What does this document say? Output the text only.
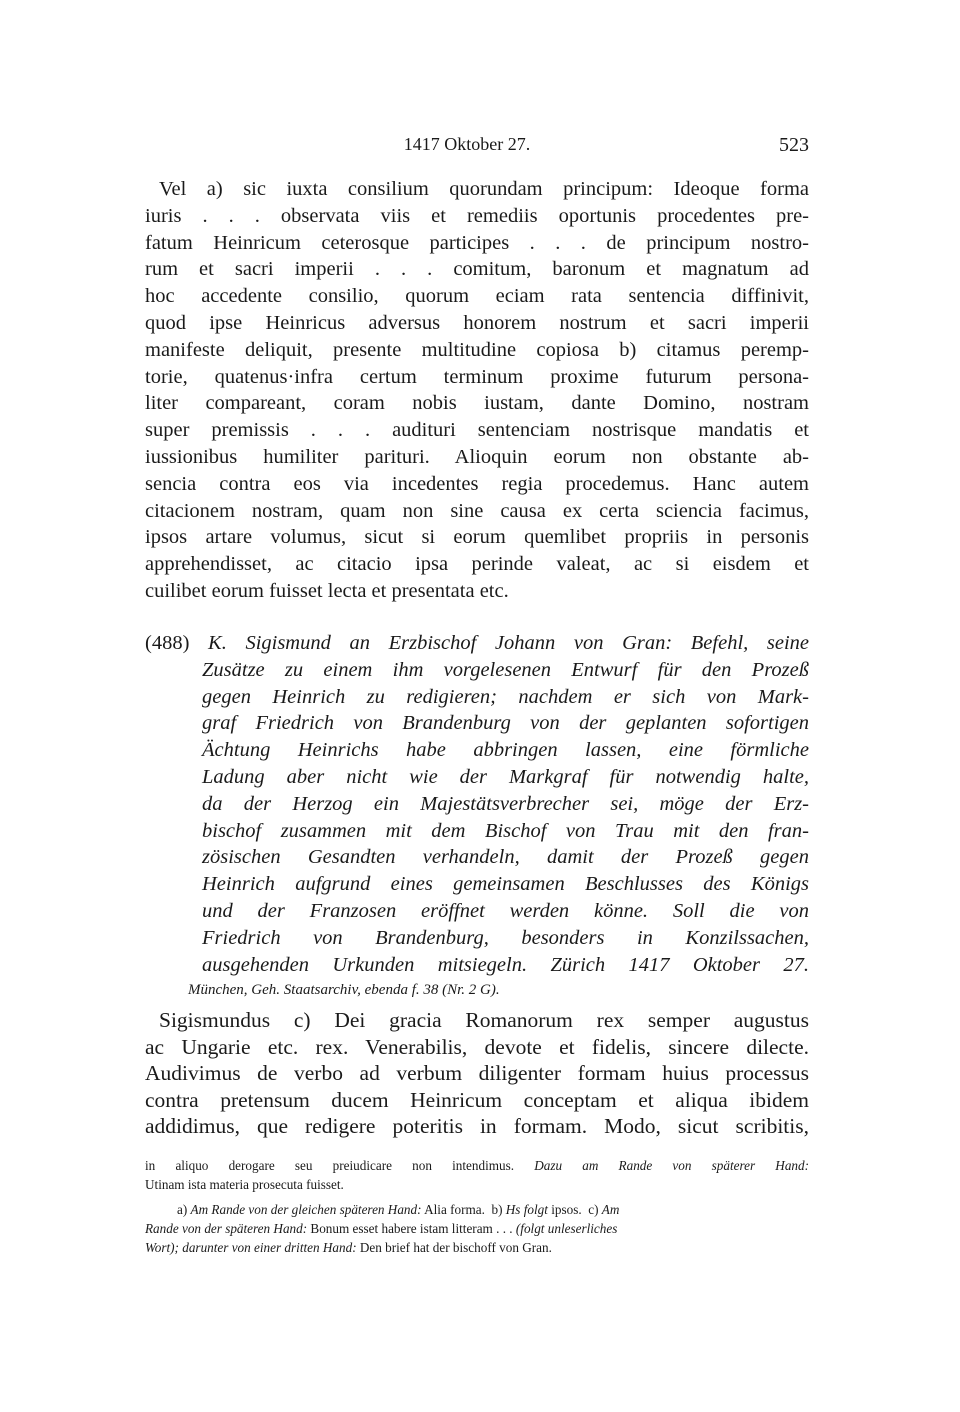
1417 Oktober 27.	523
Vel a) sic iuxta consilium quorundam principum: Ideoque forma
iuris . . . observata viis et remediis oportunis procedentes pre-
fatum Heinricum ceterosque participes . . . de principum nostro-
rum et sacri imperii . . . comitum, baronum et magnatum ad
hoc accedente consilio, quorum eciam rata sentencia diffinivit,
quod ipse Heinricus adversus honorem nostrum et sacri imperii
manifeste deliquit, presente multitudine copiosa b) citamus peremp-
torie, quatenus·infra certum terminum proxime futurum persona-
liter compareant, coram nobis iustam, dante Domino, nostram
super premissis . . . audituri sentenciam nostrisque mandatis et
iussionibus humiliter parituri. Alioquin eorum non obstante ab-
sencia contra eos via incedentes regia procedemus. Hanc autem
citacionem nostram, quam non sine causa ex certa sciencia facimus,
ipsos artare volumus, sicut si eorum quemlibet propriis in personis
apprehendisset, ac citacio ipsa perinde valeat, ac si eisdem et
cuilibet eorum fuisset lecta et presentata etc.
(488) K. Sigismund an Erzbischof Johann von Gran: Befehl, seine
Zusätze zu einem ihm vorgelesenen Entwurf für den Prozeß
gegen Heinrich zu redigieren; nachdem er sich von Mark-
graf Friedrich von Brandenburg von der geplanten sofortigen
Ächtung Heinrichs habe abbringen lassen, eine förmliche
Ladung aber nicht wie der Markgraf für notwendig halte,
da der Herzog ein Majestätsverbrecher sei, möge der Erz-
bischof zusammen mit dem Bischof von Trau mit den fran-
zösischen Gesandten verhandeln, damit der Prozeß gegen
Heinrich aufgrund eines gemeinsamen Beschlusses des Königs
und der Franzosen eröffnet werden könne. Soll die von
Friedrich von Brandenburg, besonders in Konzilssachen,
ausgehenden Urkunden mitsiegeln. Zürich 1417 Oktober 27.
München, Geh. Staatsarchiv, ebenda f. 38 (Nr. 2 G).
Sigismundus c) Dei gracia Romanorum rex semper augustus
ac Ungarie etc. rex. Venerabilis, devote et fidelis, sincere dilecte.
Audivimus de verbo ad verbum diligenter formam huius processus
contra pretensum ducem Heinricum conceptam et aliqua ibidem
addidimus, que redigere poteritis in formam. Modo, sicut scribitis,
in aliquo derogare seu preiudicare non intendimus. Dazu am Rande von späterer Hand:
Utinam ista materia prosecuta fuisset.
a) Am Rande von der gleichen späteren Hand: Alia forma. b) Hs folgt ipsos. c) Am
Rande von der späteren Hand: Bonum esset habere istam litteram . . . (folgt unleserliches
Wort); darunter von einer dritten Hand: Den brief hat der bischoff von Gran.
